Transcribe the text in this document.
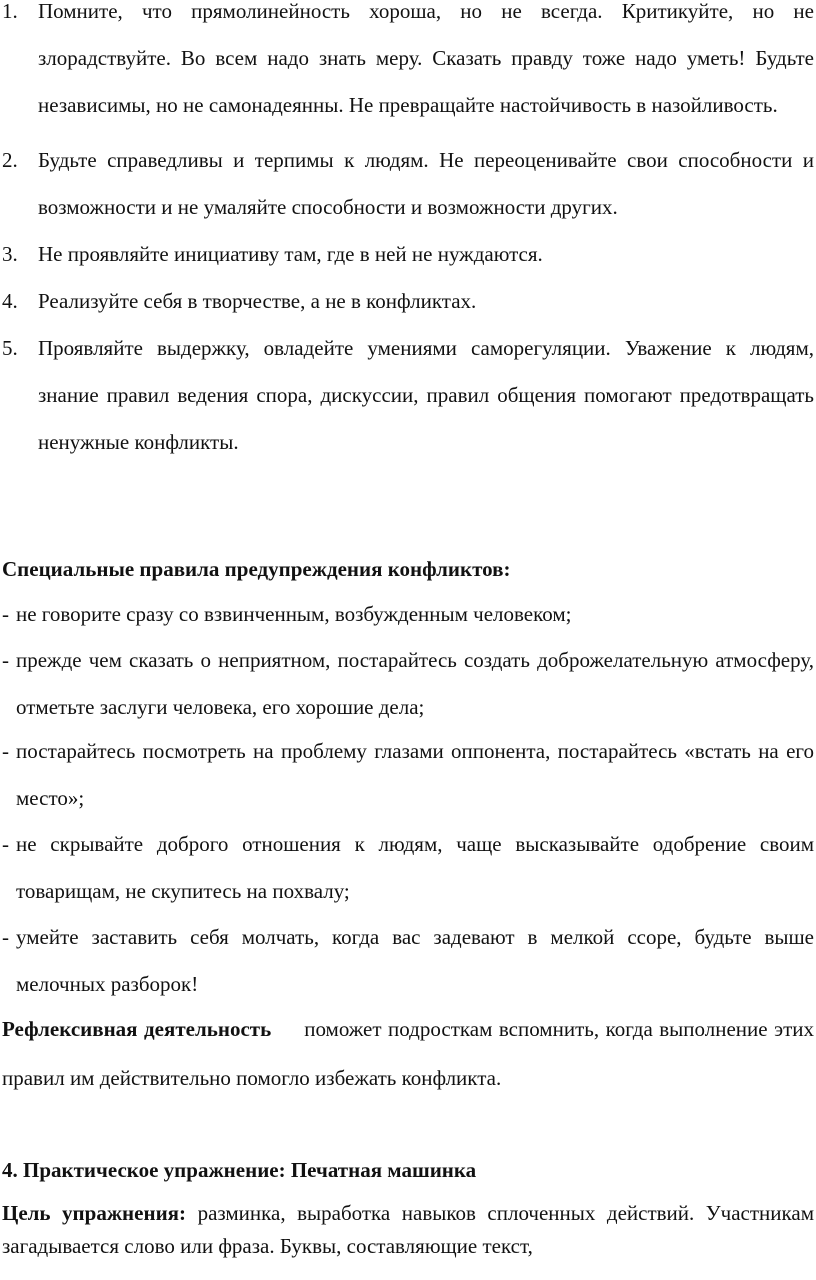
1. Помните, что прямолинейность хороша, но не всегда. Критикуйте, но не злорадствуйте. Во всем надо знать меру. Сказать правду тоже надо уметь! Будьте независимы, но не самонадеянны. Не превращайте настойчивость в назойливость.
2. Будьте справедливы и терпимы к людям. Не переоценивайте свои способности и возможности и не умаляйте способности и возможности других.
3. Не проявляйте инициативу там, где в ней не нуждаются.
4. Реализуйте себя в творчестве, а не в конфликтах.
5. Проявляйте выдержку, овладейте умениями саморегуляции. Уважение к людям, знание правил ведения спора, дискуссии, правил общения помогают предотвращать ненужные конфликты.
Специальные правила предупреждения конфликтов:
- не говорите сразу со взвинченным, возбужденным человеком;
- прежде чем сказать о неприятном, постарайтесь создать доброжелательную атмосферу, отметьте заслуги человека, его хорошие дела;
- постарайтесь посмотреть на проблему глазами оппонента, постарайтесь «встать на его место»;
- не скрывайте доброго отношения к людям, чаще высказывайте одобрение своим товарищам, не скупитесь на похвалу;
- умейте заставить себя молчать, когда вас задевают в мелкой ссоре, будьте выше мелочных разборок!
Рефлексивная деятельность поможет подросткам вспомнить, когда выполнение этих правил им действительно помогло избежать конфликта.
4. Практическое упражнение: Печатная машинка
Цель упражнения: разминка, выработка навыков сплоченных действий. Участникам загадывается слово или фраза. Буквы, составляющие текст,
